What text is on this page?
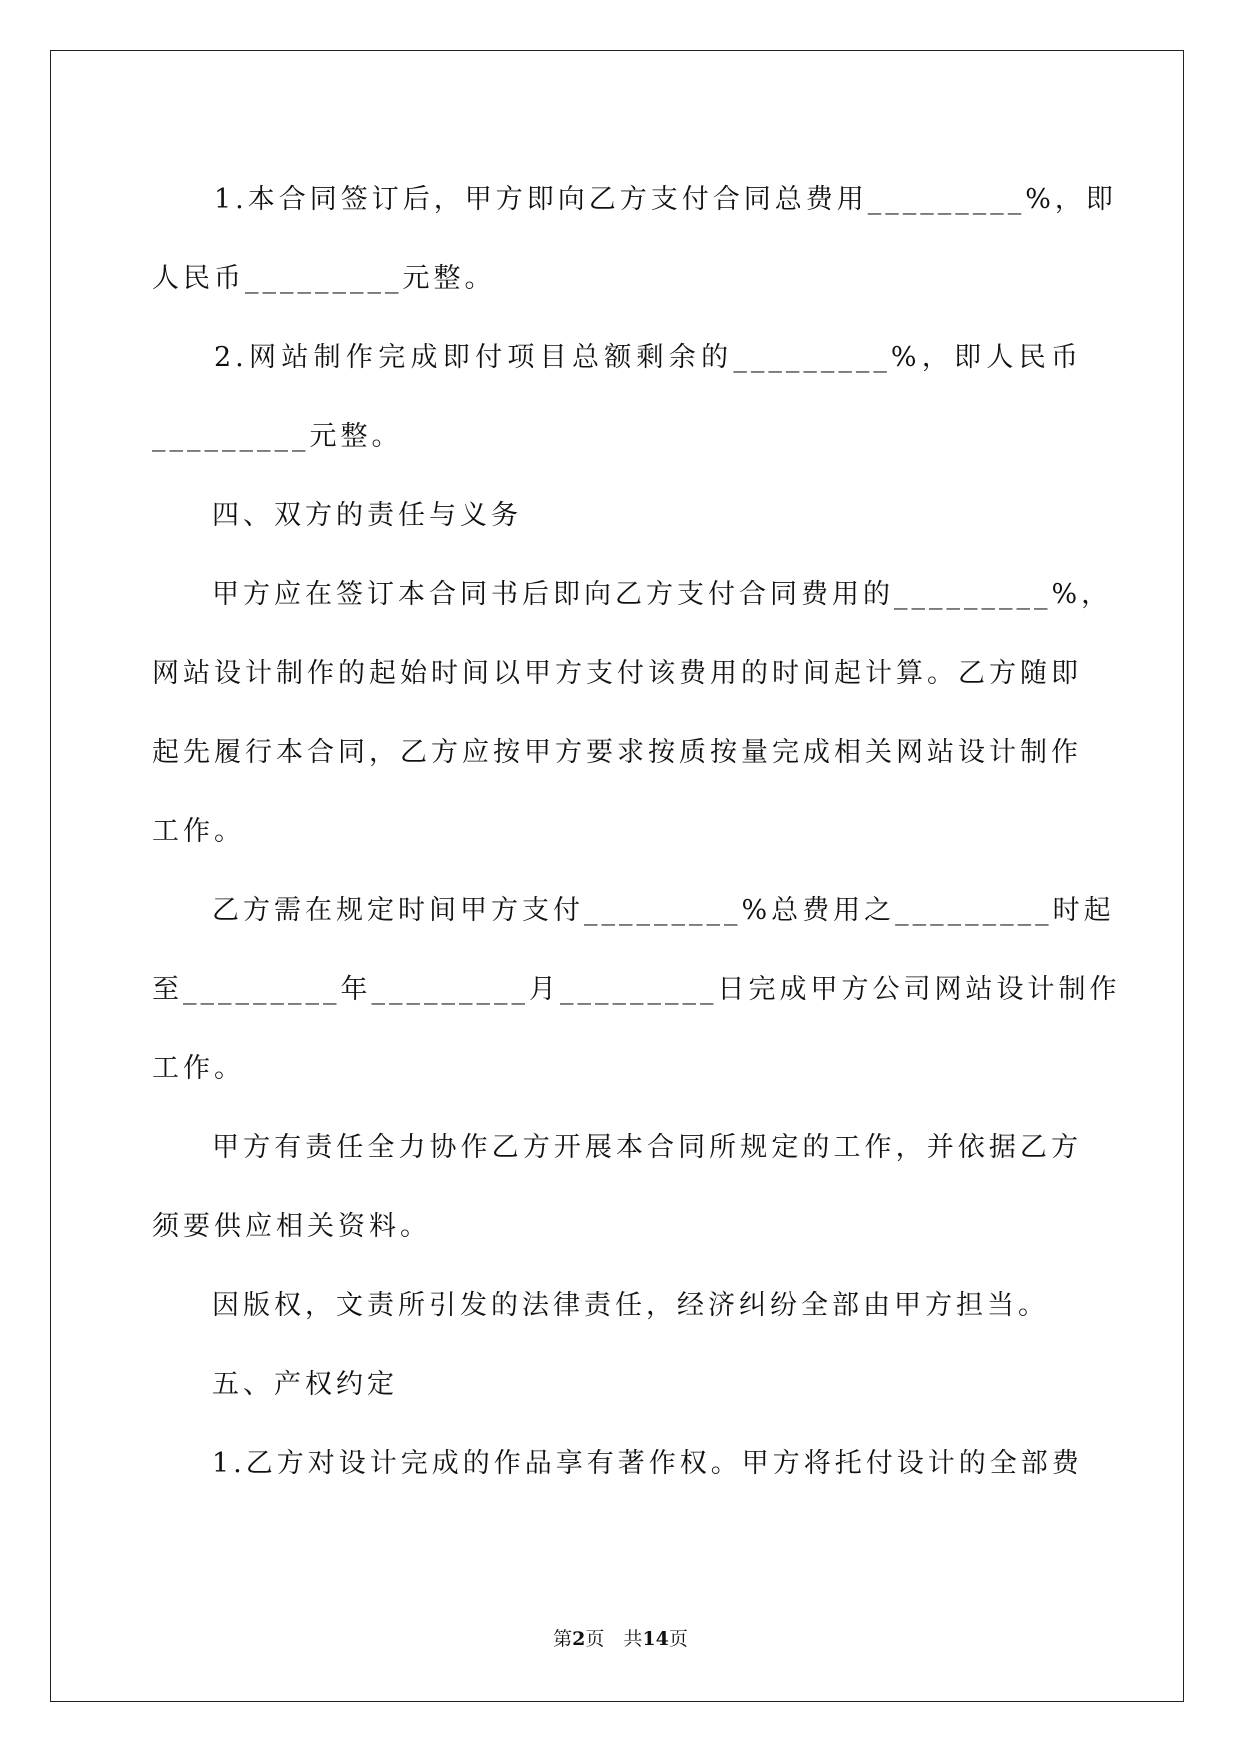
1.本合同签订后，甲方即向乙方支付合同总费用_________%，即
人民币_________元整。
2.网站制作完成即付项目总额剩余的_________%，即人民币
_________元整。
四、双方的责任与义务
甲方应在签订本合同书后即向乙方支付合同费用的_________%，
网站设计制作的起始时间以甲方支付该费用的时间起计算。乙方随即
起先履行本合同，乙方应按甲方要求按质按量完成相关网站设计制作
工作。
乙方需在规定时间甲方支付_________%总费用之_________时起
至_________年_________月_________日完成甲方公司网站设计制作
工作。
甲方有责任全力协作乙方开展本合同所规定的工作，并依据乙方
须要供应相关资料。
因版权，文责所引发的法律责任，经济纠纷全部由甲方担当。
五、产权约定
1.乙方对设计完成的作品享有著作权。甲方将托付设计的全部费
第2页　共14页
